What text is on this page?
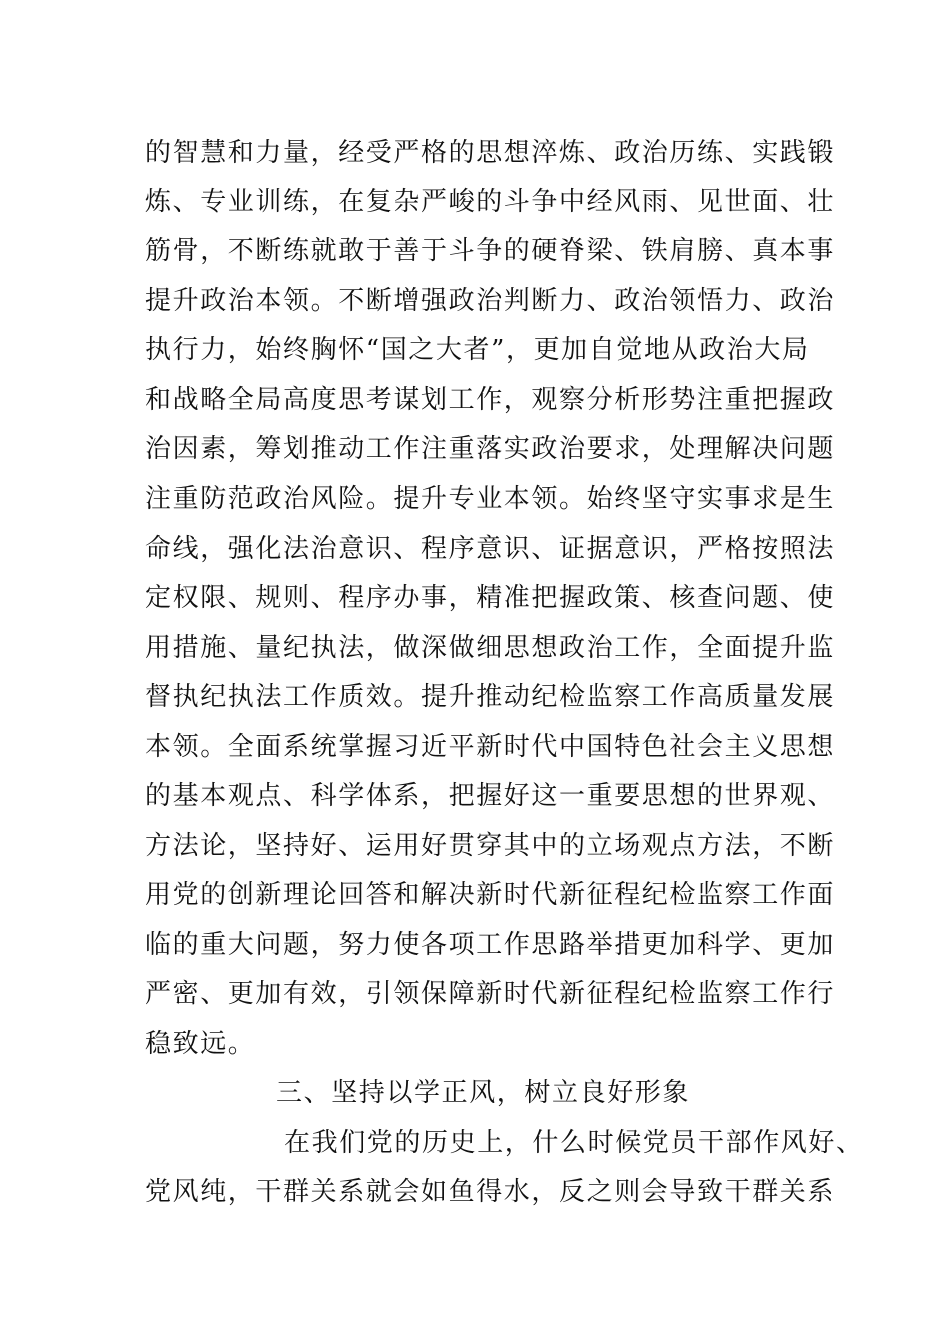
的智慧和力量，经受严格的思想淬炼、政治历练、实践锻
炼、专业训练，在复杂严峻的斗争中经风雨、见世面、壮
筋骨，不断练就敢于善于斗争的硬脊梁、铁肩膀、真本事
提升政治本领。不断增强政治判断力、政治领悟力、政治
执行力，始终胸怀“国之大者”，更加自觉地从政治大局
和战略全局高度思考谋划工作，观察分析形势注重把握政
治因素，筹划推动工作注重落实政治要求，处理解决问题
注重防范政治风险。提升专业本领。始终坚守实事求是生
命线，强化法治意识、程序意识、证据意识，严格按照法
定权限、规则、程序办事，精准把握政策、核查问题、使
用措施、量纪执法，做深做细思想政治工作，全面提升监
督执纪执法工作质效。提升推动纪检监察工作高质量发展
本领。全面系统掌握习近平新时代中国特色社会主义思想
的基本观点、科学体系，把握好这一重要思想的世界观、
方法论，坚持好、运用好贯穿其中的立场观点方法，不断
用党的创新理论回答和解决新时代新征程纪检监察工作面
临的重大问题，努力使各项工作思路举措更加科学、更加
严密、更加有效，引领保障新时代新征程纪检监察工作行
稳致远。
三、坚持以学正风，树立良好形象
在我们党的历史上，什么时候党员干部作风好、
党风纯，干群关系就会如鱼得水，反之则会导致干群关系
